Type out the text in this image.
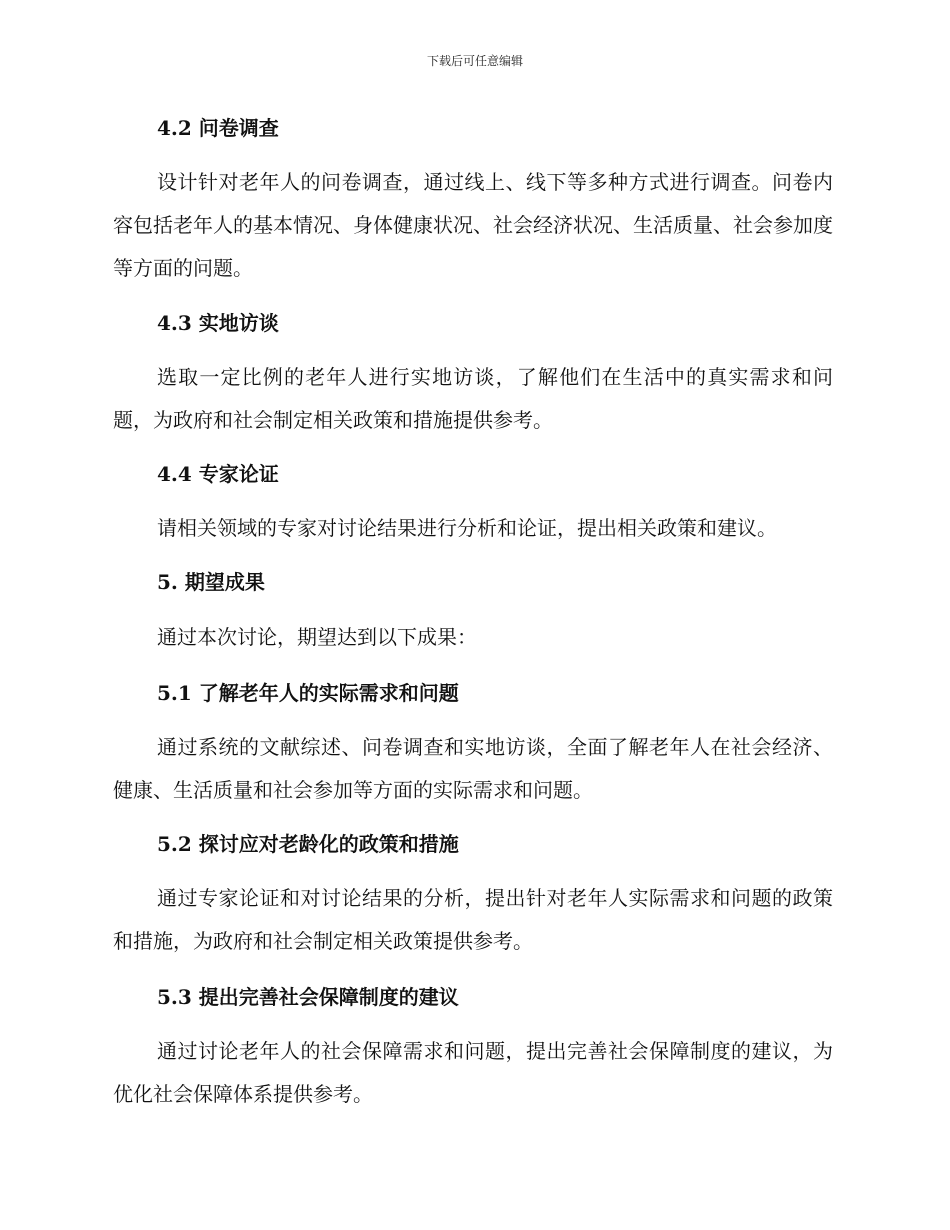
下载后可任意编辑
4.2 问卷调查
设计针对老年人的问卷调查，通过线上、线下等多种方式进行调查。问卷内容包括老年人的基本情况、身体健康状况、社会经济状况、生活质量、社会参加度等方面的问题。
4.3 实地访谈
选取一定比例的老年人进行实地访谈，了解他们在生活中的真实需求和问题，为政府和社会制定相关政策和措施提供参考。
4.4 专家论证
请相关领域的专家对讨论结果进行分析和论证，提出相关政策和建议。
5. 期望成果
通过本次讨论，期望达到以下成果：
5.1 了解老年人的实际需求和问题
通过系统的文献综述、问卷调查和实地访谈，全面了解老年人在社会经济、健康、生活质量和社会参加等方面的实际需求和问题。
5.2 探讨应对老龄化的政策和措施
通过专家论证和对讨论结果的分析，提出针对老年人实际需求和问题的政策和措施，为政府和社会制定相关政策提供参考。
5.3 提出完善社会保障制度的建议
通过讨论老年人的社会保障需求和问题，提出完善社会保障制度的建议，为优化社会保障体系提供参考。
